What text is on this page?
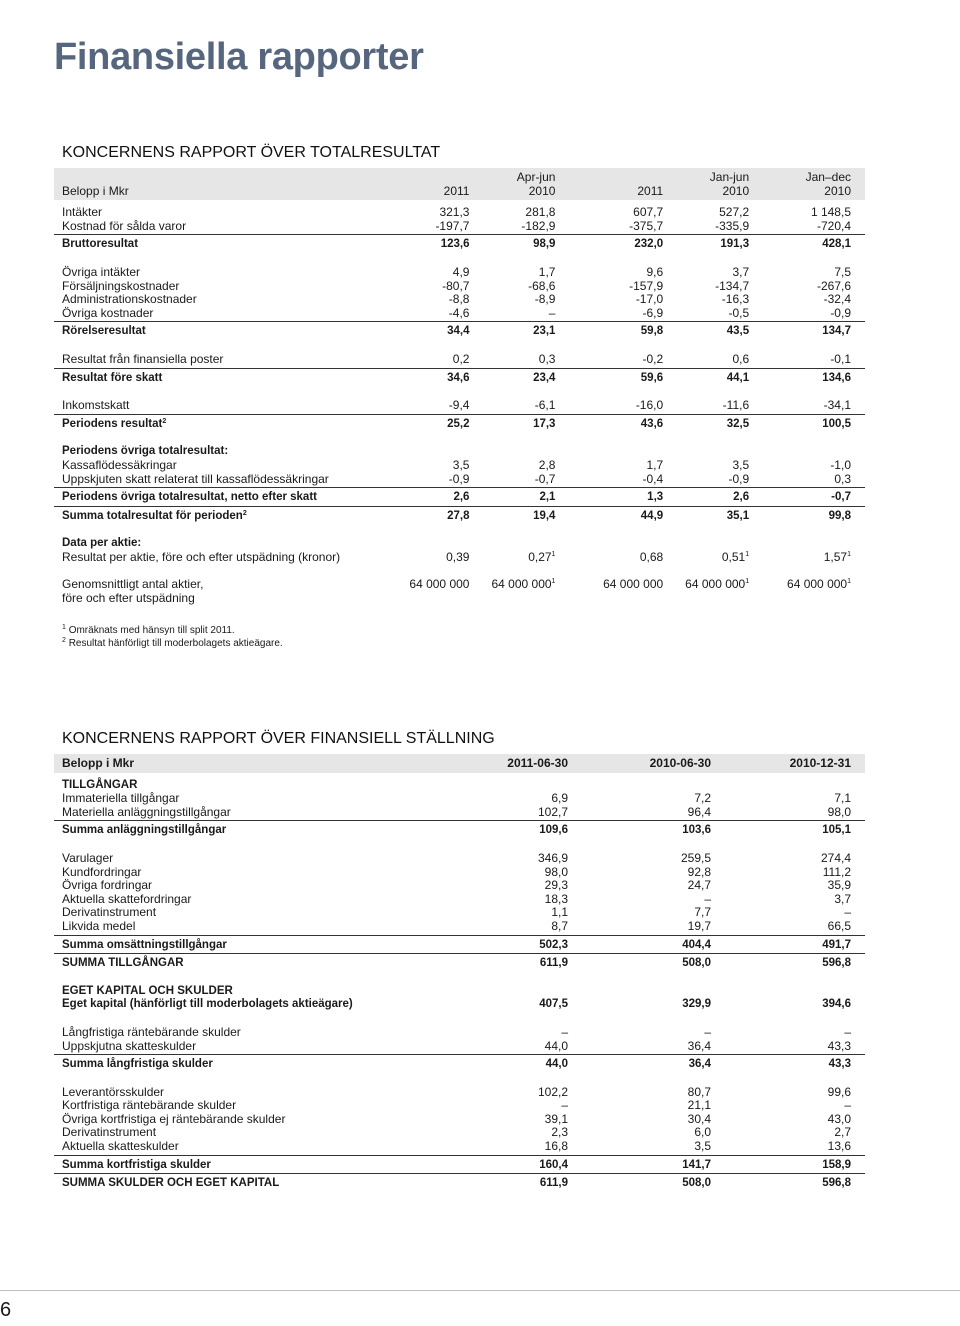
Finansiella rapporter
KONCERNENS RAPPORT ÖVER TOTALRESULTAT
		Apr-jun		Jan-jun	Jan–dec
Belopp i Mkr	2011	2010	2011	2010	2010

Intäkter	321,3	281,8	607,7	527,2	1 148,5
Kostnad för sålda varor	-197,7	-182,9	-375,7	-335,9	-720,4
Bruttoresultat	123,6	98,9	232,0	191,3	428,1

Övriga intäkter	4,9	1,7	9,6	3,7	7,5
Försäljningskostnader	-80,7	-68,6	-157,9	-134,7	-267,6
Administrationskostnader	-8,8	-8,9	-17,0	-16,3	-32,4
Övriga kostnader	-4,6	–	-6,9	-0,5	-0,9
Rörelseresultat	34,4	23,1	59,8	43,5	134,7

Resultat från finansiella poster	0,2	0,3	-0,2	0,6	-0,1
Resultat före skatt	34,6	23,4	59,6	44,1	134,6

Inkomstskatt	-9,4	-6,1	-16,0	-11,6	-34,1
Periodens resultat$^2$	25,2	17,3	43,6	32,5	100,5

Periodens övriga totalresultat:					
Kassaflödessäkringar	3,5	2,8	1,7	3,5	-1,0
Uppskjuten skatt relaterat till kassaflödessäkringar	-0,9	-0,7	-0,4	-0,9	0,3
Periodens övriga totalresultat, netto efter skatt	2,6	2,1	1,3	2,6	-0,7
Summa totalresultat för perioden$^2$	27,8	19,4	44,9	35,1	99,8

Data per aktie:					
Resultat per aktie, före och efter utspädning (kronor)	0,39	0,27$^1$	0,68	0,51$^1$	1,57$^1$

Genomsnittligt antal aktier,	64 000 000	64 000 $000^1$	64 000 000	64 000 $000^1$	64 000 $000^1$
före och efter utspädning					
$^1$ Omräknats med hänsyn till split 2011.
$^2$ Resultat hänförligt till moderbolagets aktieägare.
KONCERNENS RAPPORT ÖVER FINANSIELL STÄLLNING
Belopp i Mkr	2011-06-30	2010-06-30	2010-12-31

TILLGÅNGAR			
Immateriella tillgångar	6,9	7,2	7,1
Materiella anläggningstillgångar	102,7	96,4	98,0
Summa anläggningstillgångar	109,6	103,6	105,1

Varulager	346,9	259,5	274,4
Kundfordringar	98,0	92,8	111,2
Övriga fordringar	29,3	24,7	35,9
Aktuella skattefordringar	18,3	–	3,7
Derivatinstrument	1,1	7,7	–
Likvida medel	8,7	19,7	66,5
Summa omsättningstillgångar	502,3	404,4	491,7
SUMMA TILLGÅNGAR	611,9	508,0	596,8

EGET KAPITAL OCH SKULDER			
Eget kapital (hänförligt till moderbolagets aktieägare)	407,5	329,9	394,6

Långfristiga räntebärande skulder	–	–	–
Uppskjutna skatteskulder	44,0	36,4	43,3
Summa långfristiga skulder	44,0	36,4	43,3

Leverantörsskulder	102,2	80,7	99,6
Kortfristiga räntebärande skulder	–	21,1	–
Övriga kortfristiga ej räntebärande skulder	39,1	30,4	43,0
Derivatinstrument	2,3	6,0	2,7
Aktuella skatteskulder	16,8	3,5	13,6
Summa kortfristiga skulder	160,4	141,7	158,9
SUMMA SKULDER OCH EGET KAPITAL	611,9	508,0	596,8
6
